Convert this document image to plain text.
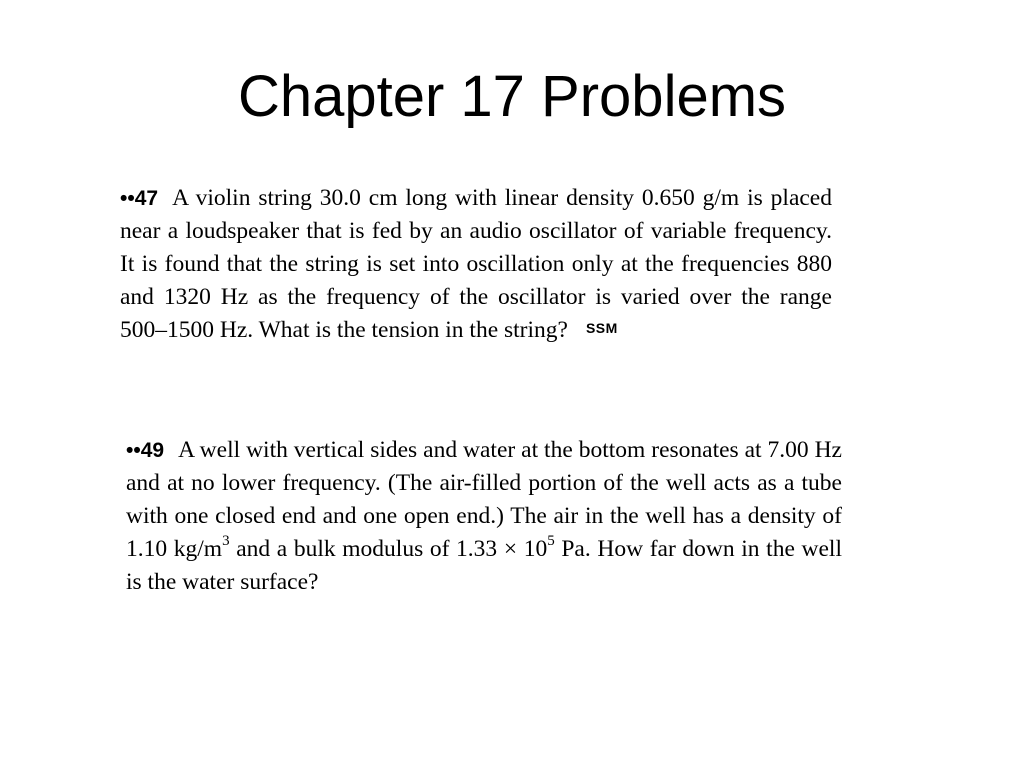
Chapter 17 Problems
••47 A violin string 30.0 cm long with linear density 0.650 g/m is placed near a loudspeaker that is fed by an audio oscillator of variable frequency. It is found that the string is set into oscillation only at the frequencies 880 and 1320 Hz as the frequency of the oscillator is varied over the range 500–1500 Hz. What is the tension in the string? SSM
••49 A well with vertical sides and water at the bottom resonates at 7.00 Hz and at no lower frequency. (The air-filled portion of the well acts as a tube with one closed end and one open end.) The air in the well has a density of 1.10 $kg/m^3$ and a bulk modulus of $1.33 \times 10^5$ Pa. How far down in the well is the water surface?
